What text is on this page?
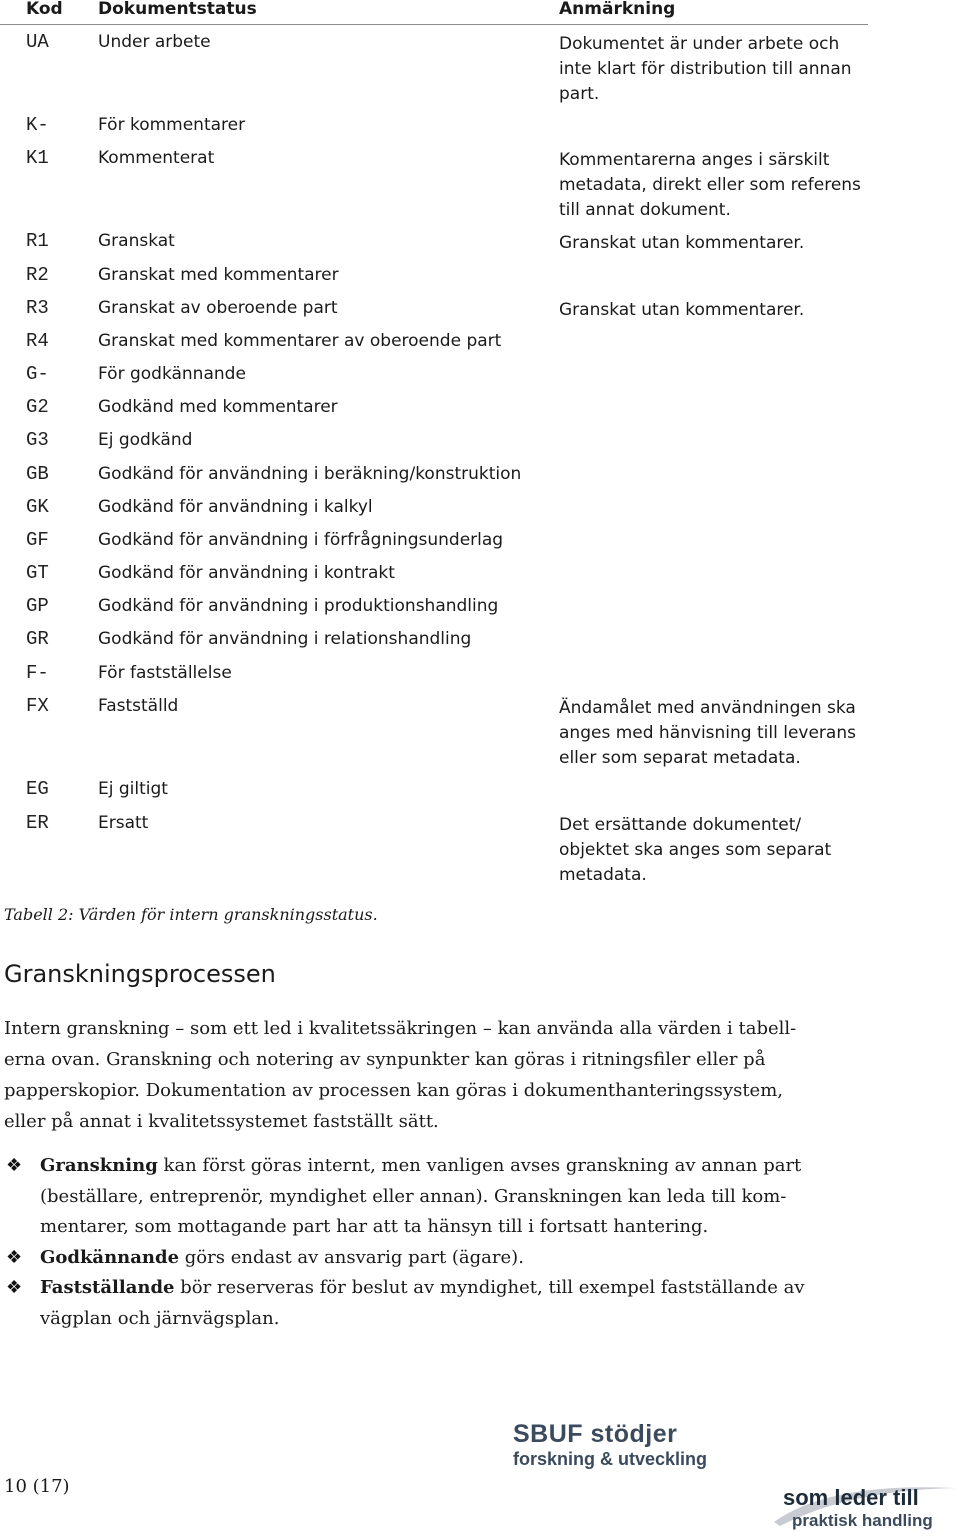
Kod Dokumentstatus	Anmärkning
UA	Under arbete	Dokumentet är under arbete och
inte klart för distribution till annan
part.
K-	För kommentarer
K1	Kommenterat	Kommentarerna anges i särskilt
metadata, direkt eller som referens
till annat dokument.
R1	Granskat	Granskat utan kommentarer.
R2	Granskat med kommentarer
R3	Granskat av oberoende part	Granskat utan kommentarer.
R4	Granskat med kommentarer av oberoende part
G-	För godkännande
G2	Godkänd med kommentarer
G3	Ej godkänd
GB	Godkänd för användning i beräkning/konstruktion
GK	Godkänd för användning i kalkyl
GF	Godkänd för användning i förfrågningsunderlag
GT	Godkänd för användning i kontrakt
GP	Godkänd för användning i produktionshandling
GR	Godkänd för användning i relationshandling
F-	För fastställelse
FX	Fastställd	Ändamålet med användningen ska
anges med hänvisning till leverans
eller som separat metadata.
EG	Ej giltigt
ER	Ersatt	Det ersättande dokumentet/
objektet ska anges som separat
metadata.
Tabell 2: Värden för intern granskningsstatus.
Granskningsprocessen
Intern granskning – som ett led i kvalitetssäkringen – kan använda alla värden i tabell-
erna ovan. Granskning och notering av synpunkter kan göras i ritningsfiler eller på
papperskopior. Dokumentation av processen kan göras i dokumenthanteringssystem,
eller på annat i kvalitetssystemet fastställt sätt.
❖ Granskning kan först göras internt, men vanligen avses granskning av annan part
(beställare, entreprenör, myndighet eller annan). Granskningen kan leda till kom-
mentarer, som mottagande part har att ta hänsyn till i fortsatt hantering.
❖ Godkännande görs endast av ansvarig part (ägare).
❖ Fastställande bör reserveras för beslut av myndighet, till exempel fastställande av
vägplan och järnvägsplan.
10 (17)
SBUF stödjer
forskning & utveckling
som leder till
praktisk handling
